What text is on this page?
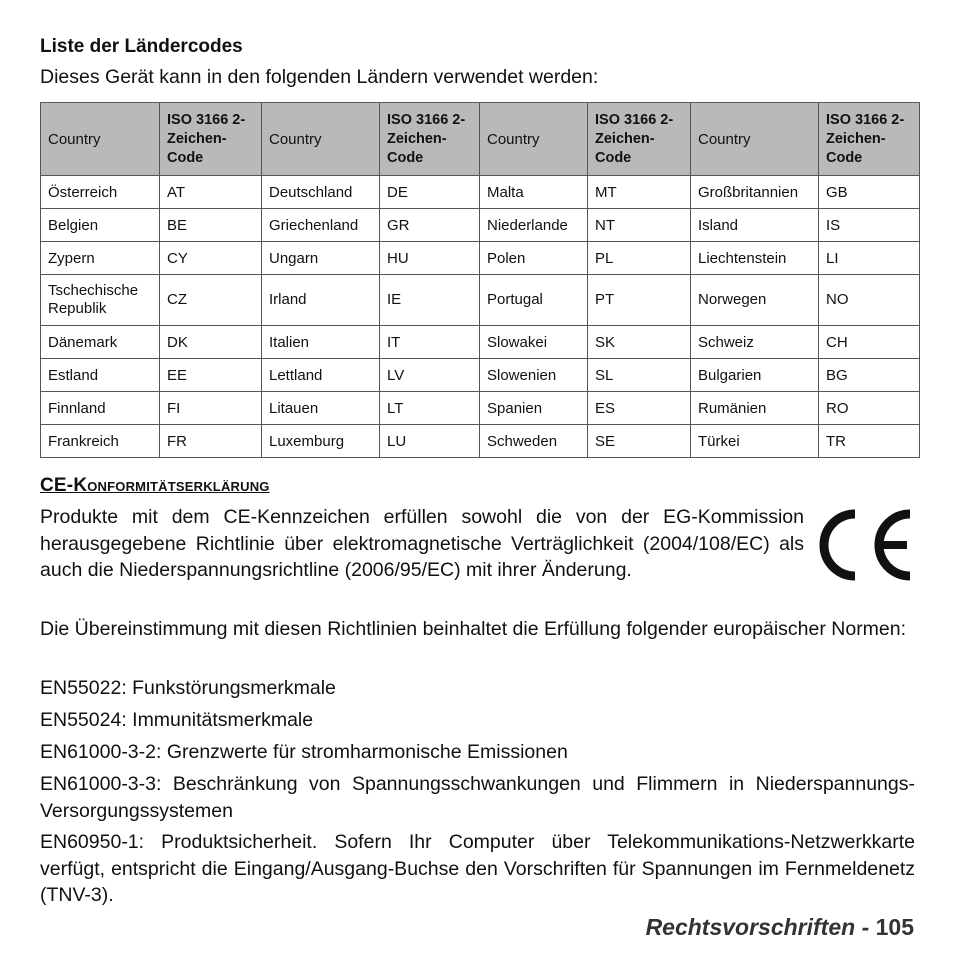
Liste der Ländercodes
Dieses Gerät kann in den folgenden Ländern verwendet werden:
Country	ISO 3166 2-Zeichen-Code	Country	ISO 3166 2-Zeichen-Code	Country	ISO 3166 2-Zeichen-Code	Country	ISO 3166 2-Zeichen-Code
Österreich	AT	Deutschland	DE	Malta	MT	Großbritannien	GB
Belgien	BE	Griechenland	GR	Niederlande	NT	Island	IS
Zypern	CY	Ungarn	HU	Polen	PL	Liechtenstein	LI
Tschechische Republik	CZ	Irland	IE	Portugal	PT	Norwegen	NO
Dänemark	DK	Italien	IT	Slowakei	SK	Schweiz	CH
Estland	EE	Lettland	LV	Slowenien	SL	Bulgarien	BG
Finnland	FI	Litauen	LT	Spanien	ES	Rumänien	RO
Frankreich	FR	Luxemburg	LU	Schweden	SE	Türkei	TR
CE-Konformitätserklärung
Produkte mit dem CE-Kennzeichen erfüllen sowohl die von der EG-Kommission herausgegebene Richtlinie über elektromagnetische Verträglichkeit (2004/108/EC) als auch die Niederspannungsrichtline (2006/95/EC) mit ihrer Änderung.
Die Übereinstimmung mit diesen Richtlinien beinhaltet die Erfüllung folgender europäischer Normen:
EN55022: Funkstörungsmerkmale
EN55024: Immunitätsmerkmale
EN61000-3-2: Grenzwerte für stromharmonische Emissionen
EN61000-3-3: Beschränkung von Spannungsschwankungen und Flimmern in Niederspannungs-Versorgungssystemen
EN60950-1: Produktsicherheit. Sofern Ihr Computer über Telekommunikations-Netzwerkkarte verfügt, entspricht die Eingang/Ausgang-Buchse den Vorschriften für Spannungen im Fernmeldenetz (TNV-3).
Rechtsvorschriften - 105
